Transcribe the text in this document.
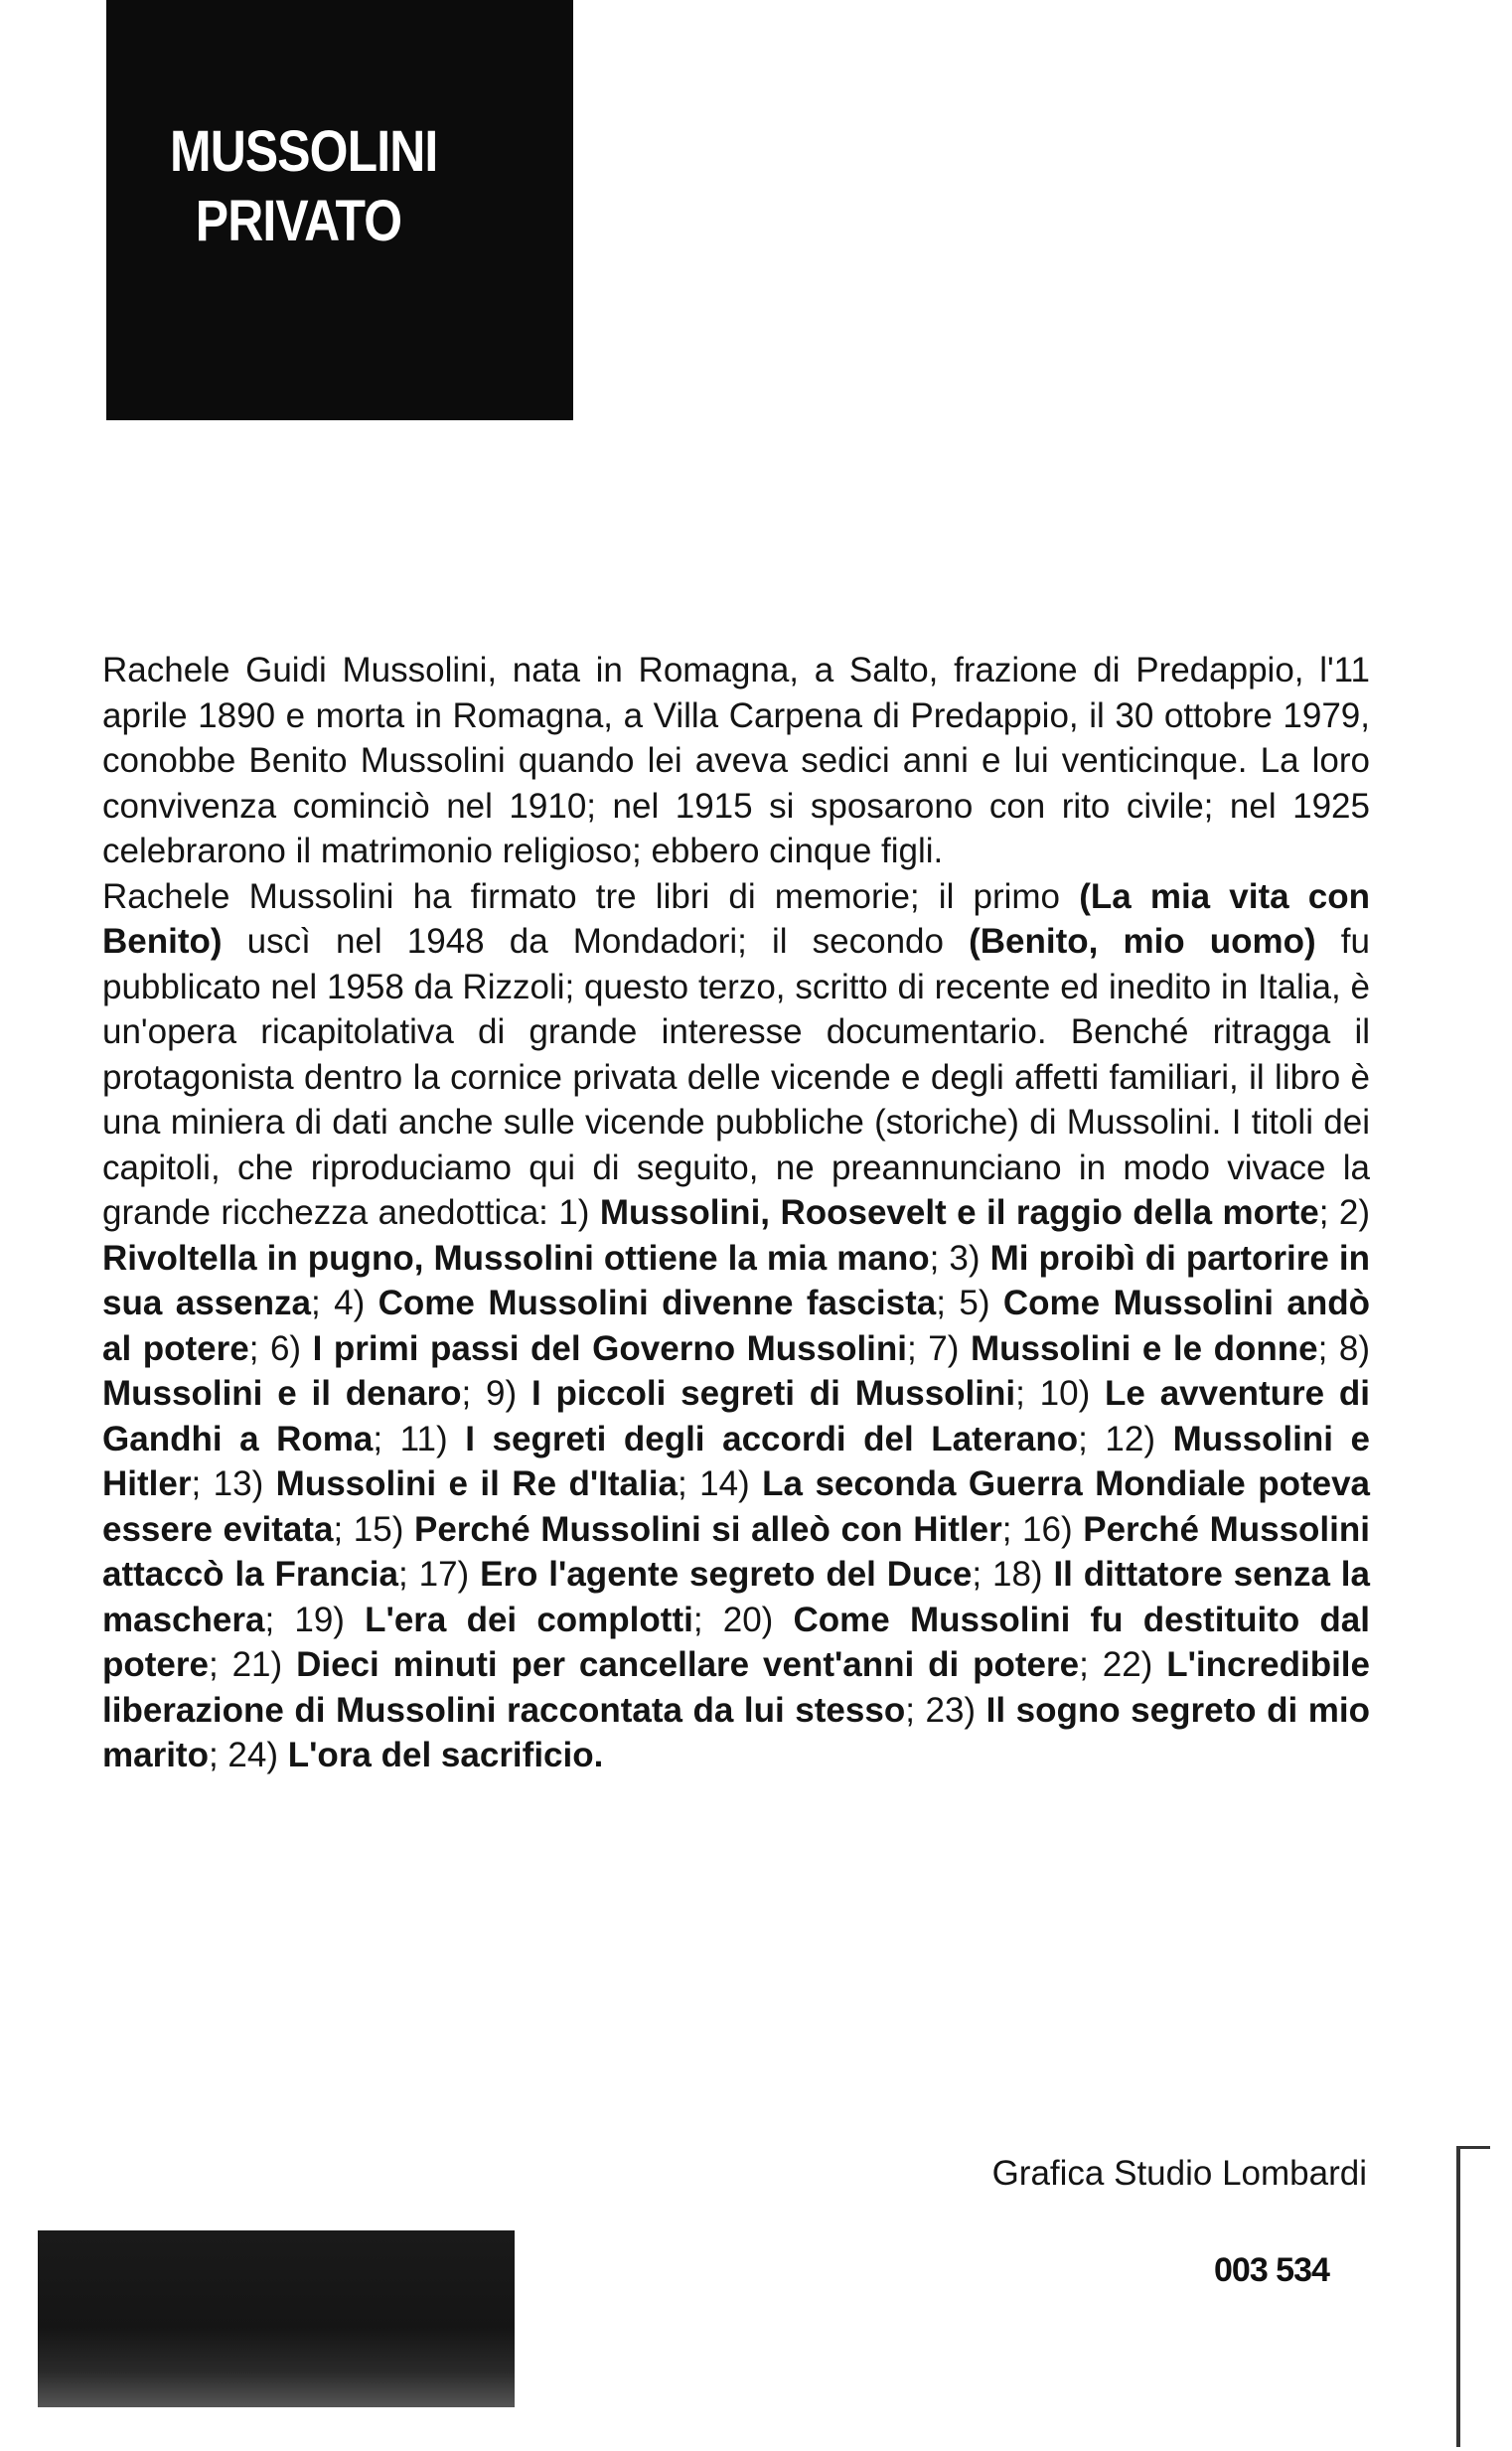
MUSSOLINI
PRIVATO
Rachele Guidi Mussolini, nata in Romagna, a Salto, frazione di Predappio, l'11 aprile 1890 e morta in Romagna, a Villa Carpena di Predappio, il 30 ottobre 1979, conobbe Benito Mussolini quando lei aveva sedici anni e lui venticinque. La loro convivenza cominciò nel 1910; nel 1915 si sposarono con rito civile; nel 1925 celebrarono il matrimonio religioso; ebbero cinque figli.
Rachele Mussolini ha firmato tre libri di memorie; il primo (La mia vita con Benito) uscì nel 1948 da Mondadori; il secondo (Benito, mio uomo) fu pubblicato nel 1958 da Rizzoli; questo terzo, scritto di recente ed inedito in Italia, è un'opera ricapitolativa di grande interesse documentario. Benché ritragga il protagonista dentro la cornice privata delle vicende e degli affetti familiari, il libro è una miniera di dati anche sulle vicende pubbliche (storiche) di Mussolini. I titoli dei capitoli, che riproduciamo qui di seguito, ne preannunciano in modo vivace la grande ricchezza anedottica: 1) Mussolini, Roosevelt e il raggio della morte; 2) Rivoltella in pugno, Mussolini ottiene la mia mano; 3) Mi proibì di partorire in sua assenza; 4) Come Mussolini divenne fascista; 5) Come Mussolini andò al potere; 6) I primi passi del Governo Mussolini; 7) Mussolini e le donne; 8) Mussolini e il denaro; 9) I piccoli segreti di Mussolini; 10) Le avventure di Gandhi a Roma; 11) I segreti degli accordi del Laterano; 12) Mussolini e Hitler; 13) Mussolini e il Re d'Italia; 14) La seconda Guerra Mondiale poteva essere evitata; 15) Perché Mussolini si alleò con Hitler; 16) Perché Mussolini attaccò la Francia; 17) Ero l'agente segreto del Duce; 18) Il dittatore senza la maschera; 19) L'era dei complotti; 20) Come Mussolini fu destituito dal potere; 21) Dieci minuti per cancellare vent'anni di potere; 22) L'incredibile liberazione di Mussolini raccontata da lui stesso; 23) Il sogno segreto di mio marito; 24) L'ora del sacrificio.

Grafica Studio Lombardi

003 534
